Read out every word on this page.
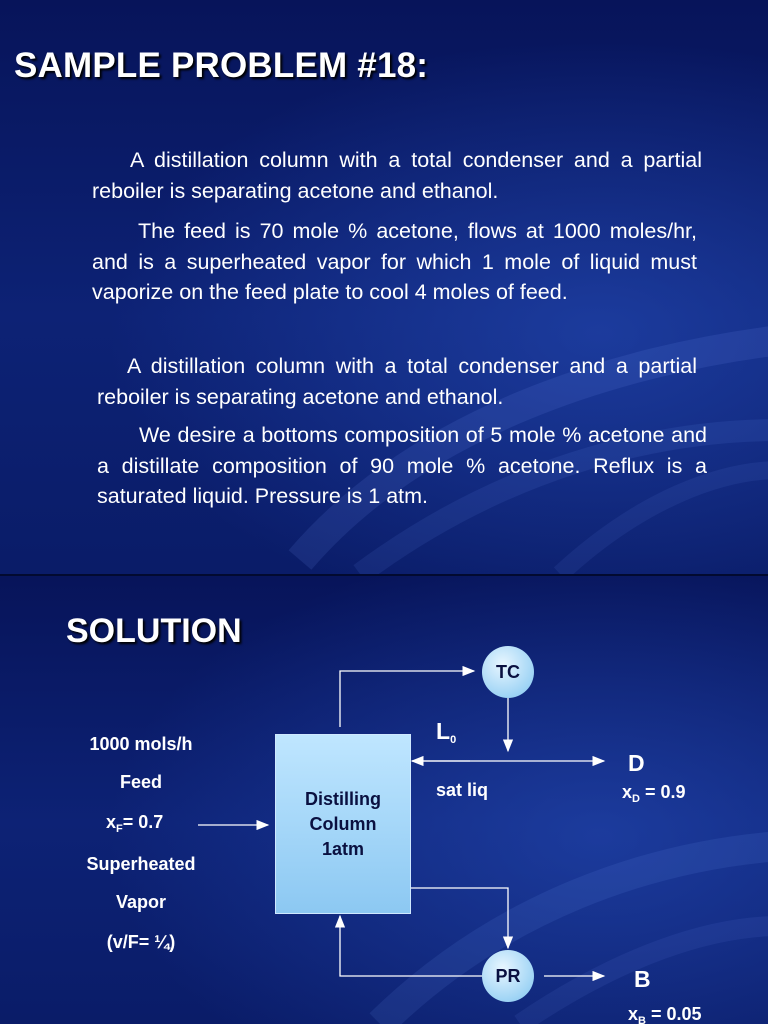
SAMPLE PROBLEM #18:
A distillation column with a total condenser and a partial reboiler is separating acetone and ethanol.
The feed is 70 mole % acetone, flows at 1000 moles/hr, and is a superheated vapor for which 1 mole of liquid must vaporize on the feed plate to cool 4 moles of feed.
A distillation column with a total condenser and a partial reboiler is separating acetone and ethanol.
We desire a bottoms composition of 5 mole % acetone and a distillate composition of 90 mole % acetone. Reflux is a saturated liquid. Pressure is 1 atm.
SOLUTION
1000 mols/h
Feed
$x_F= 0.7$
Superheated
Vapor
(v/F= ¼)
Distilling
Column
1atm
TC
PR
$L_0$
sat liq
D
$x_D = 0.9$
B
$x_B = 0.05$
